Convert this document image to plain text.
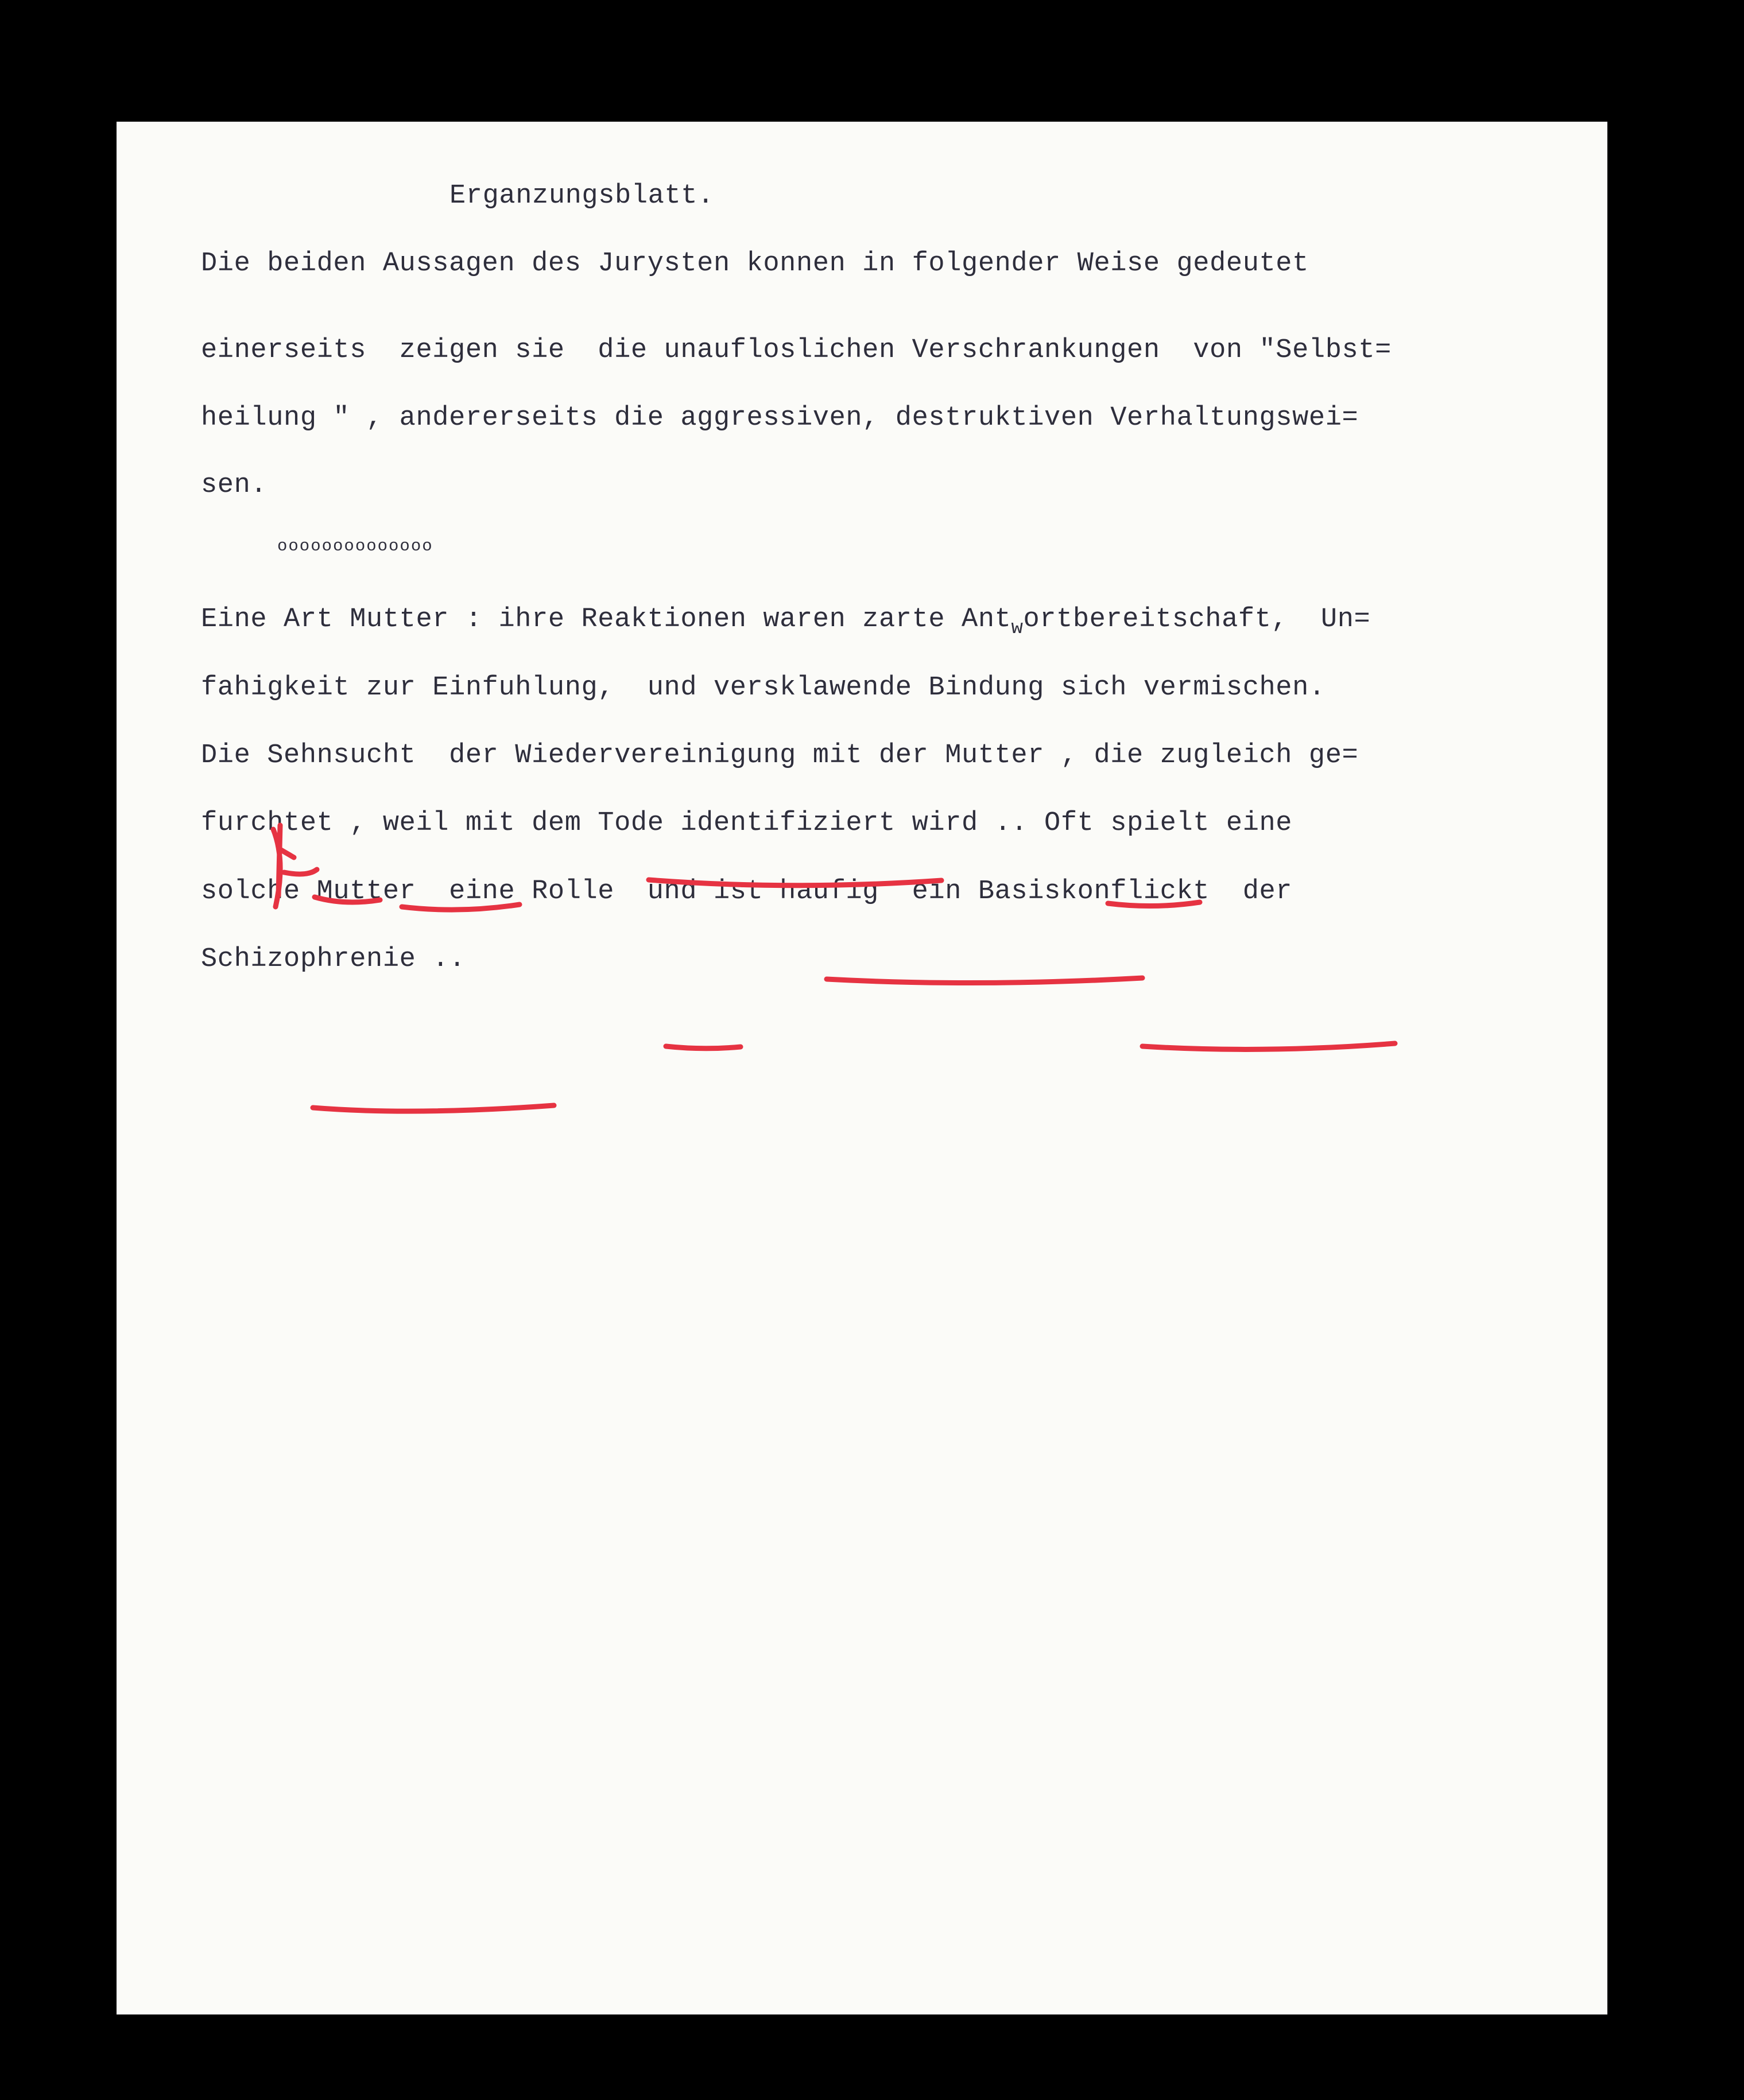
Erganzungsblatt.
Die beiden Aussagen des Jurysten konnen in folgender Weise gedeutet
einerseits  zeigen sie  die unaufloslichen Verschrankungen  von "Selbst=
heilung " , andererseits die aggressiven, destruktiven Verhaltungswei=
sen.
oooooooooooooo
Eine Art Mutter : ihre Reaktionen waren zarte Ant$_w$ortbereitschaft,  Un=
fahigkeit zur Einfuhlung,  und versklawende Bindung sich vermischen.
Die Sehnsucht  der Wiedervereinigung mit der Mutter , die zugleich ge=
furchtet , weil mit dem Tode identifiziert wird .. Oft spielt eine
solche Mutter  eine Rolle  und ist haufig  ein Basiskonflickt  der
Schizophrenie ..
